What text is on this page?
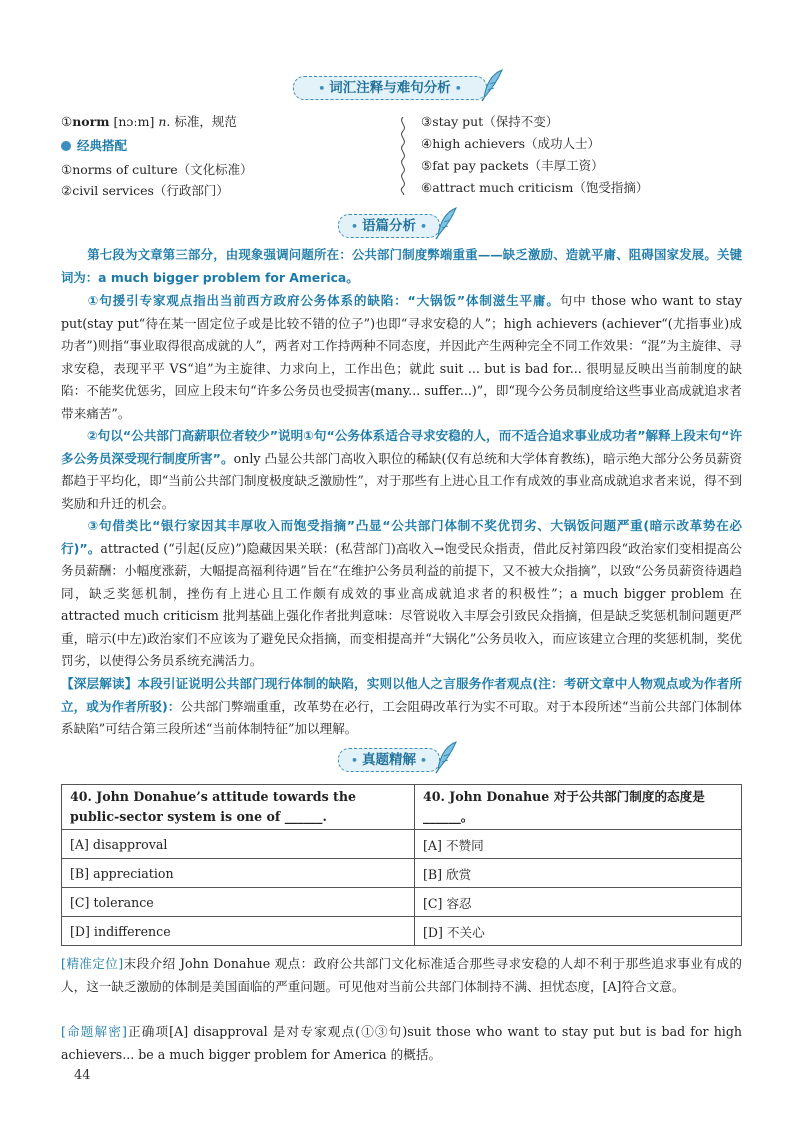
• 词汇注释与难句分析 •
①norm [nɔːm] n. 标准，规范
经典搭配
①norms of culture（文化标准）
②civil services（行政部门）
③stay put（保持不变）
④high achievers（成功人士）
⑤fat pay packets（丰厚工资）
⑥attract much criticism（饱受指摘）
• 语篇分析 •
第七段为文章第三部分，由现象强调问题所在：公共部门制度弊端重重——缺乏激励、造就平庸、阻碍国家发展。关键词为：a much bigger problem for America。
①句援引专家观点指出当前西方政府公务体系的缺陷：“大锅饭”体制滋生平庸。句中 those who want to stay put(stay put“待在某一固定位子或是比较不错的位子”)也即“寻求安稳的人”；high achievers (achiever“(尤指事业)成功者”)则指“事业取得很高成就的人”，两者对工作持两种不同态度，并因此产生两种完全不同工作效果：“混”为主旋律、寻求安稳，表现平平 VS“追”为主旋律、力求向上，工作出色；就此 suit ... but is bad for... 很明显反映出当前制度的缺陷：不能奖优惩劣，回应上段末句“许多公务员也受损害(many... suffer...)”，即“现今公务员制度给这些事业高成就追求者带来痛苦”。
②句以“公共部门高薪职位者较少”说明①句“公务体系适合寻求安稳的人，而不适合追求事业成功者”解释上段末句“许多公务员深受现行制度所害”。only 凸显公共部门高收入职位的稀缺(仅有总统和大学体育教练)，暗示绝大部分公务员薪资都趋于平均化，即“当前公共部门制度极度缺乏激励性”，对于那些有上进心且工作有成效的事业高成就追求者来说，得不到奖励和升迁的机会。
③句借类比“银行家因其丰厚收入而饱受指摘”凸显“公共部门体制不奖优罚劣、大锅饭问题严重(暗示改革势在必行)”。attracted (“引起(反应)”)隐藏因果关联：(私营部门)高收入→饱受民众指责，借此反衬第四段“政治家们变相提高公务员薪酬：小幅度涨薪，大幅提高福利待遇”旨在“在维护公务员利益的前提下，又不被大众指摘”，以致“公务员薪资待遇趋同，缺乏奖惩机制，挫伤有上进心且工作颇有成效的事业高成就追求者的积极性”；a much bigger problem 在 attracted much criticism 批判基础上强化作者批判意味：尽管说收入丰厚会引致民众指摘，但是缺乏奖惩机制问题更严重，暗示(中左)政治家们不应该为了避免民众指摘，而变相提高并“大锅化”公务员收入，而应该建立合理的奖惩机制，奖优罚劣，以使得公务员系统充满活力。
【深层解读】本段引证说明公共部门现行体制的缺陷，实则以他人之言服务作者观点(注：考研文章中人物观点或为作者所立，或为作者所驳)：公共部门弊端重重，改革势在必行，工会阻碍改革行为实不可取。对于本段所述“当前公共部门体制体系缺陷”可结合第三段所述“当前体制特征”加以理解。
• 真题精解 •
40. John Donahue’s attitude towards the public-sector system is one of ______.	40. John Donahue 对于公共部门制度的态度是______。
[A] disapproval	[A] 不赞同
[B] appreciation	[B] 欣赏
[C] tolerance	[C] 容忍
[D] indifference	[D] 不关心
[精准定位]末段介绍 John Donahue 观点：政府公共部门文化标准适合那些寻求安稳的人却不利于那些追求事业有成的人，这一缺乏激励的体制是美国面临的严重问题。可见他对当前公共部门体制持不满、担忧态度，[A]符合文意。
[命题解密]正确项[A] disapproval 是对专家观点(①③句)suit those who want to stay put but is bad for high achievers... be a much bigger problem for America 的概括。
44
